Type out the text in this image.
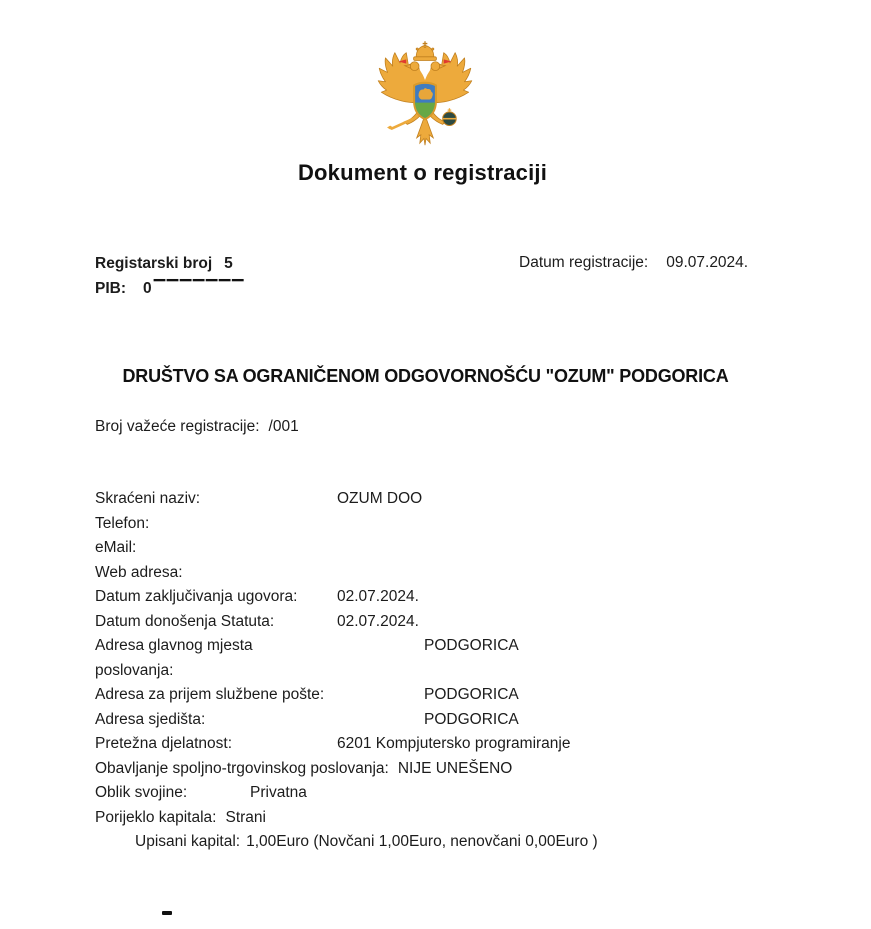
Dokument o registraciji
Registarski broj 5
PIB: 0 ▔▔▔▔▔▔▔
Datum registracije: 09.07.2024.
DRUŠTVO SA OGRANIČENOM ODGOVORNOŠĆU "OZUM" PODGORICA
Broj važeće registracije: /001
Skraćeni naziv:	OZUM DOO
Telefon:
eMail:
Web adresa:
Datum zaključivanja ugovora:	02.07.2024.
Datum donošenja Statuta:	02.07.2024.
Adresa glavnog mjesta poslovanja:
PODGORICA
Adresa za prijem službene pošte:	PODGORICA
Adresa sjedišta:	PODGORICA
Pretežna djelatnost:	6201 Kompjutersko programiranje
Obavljanje spoljno-trgovinskog poslovanja: NIJE UNEŠENO
Oblik svojine:	Privatna
Porijeklo kapitala: Strani
Upisani kapital: 1,00Euro (Novčani 1,00Euro, nenovčani 0,00Euro )
